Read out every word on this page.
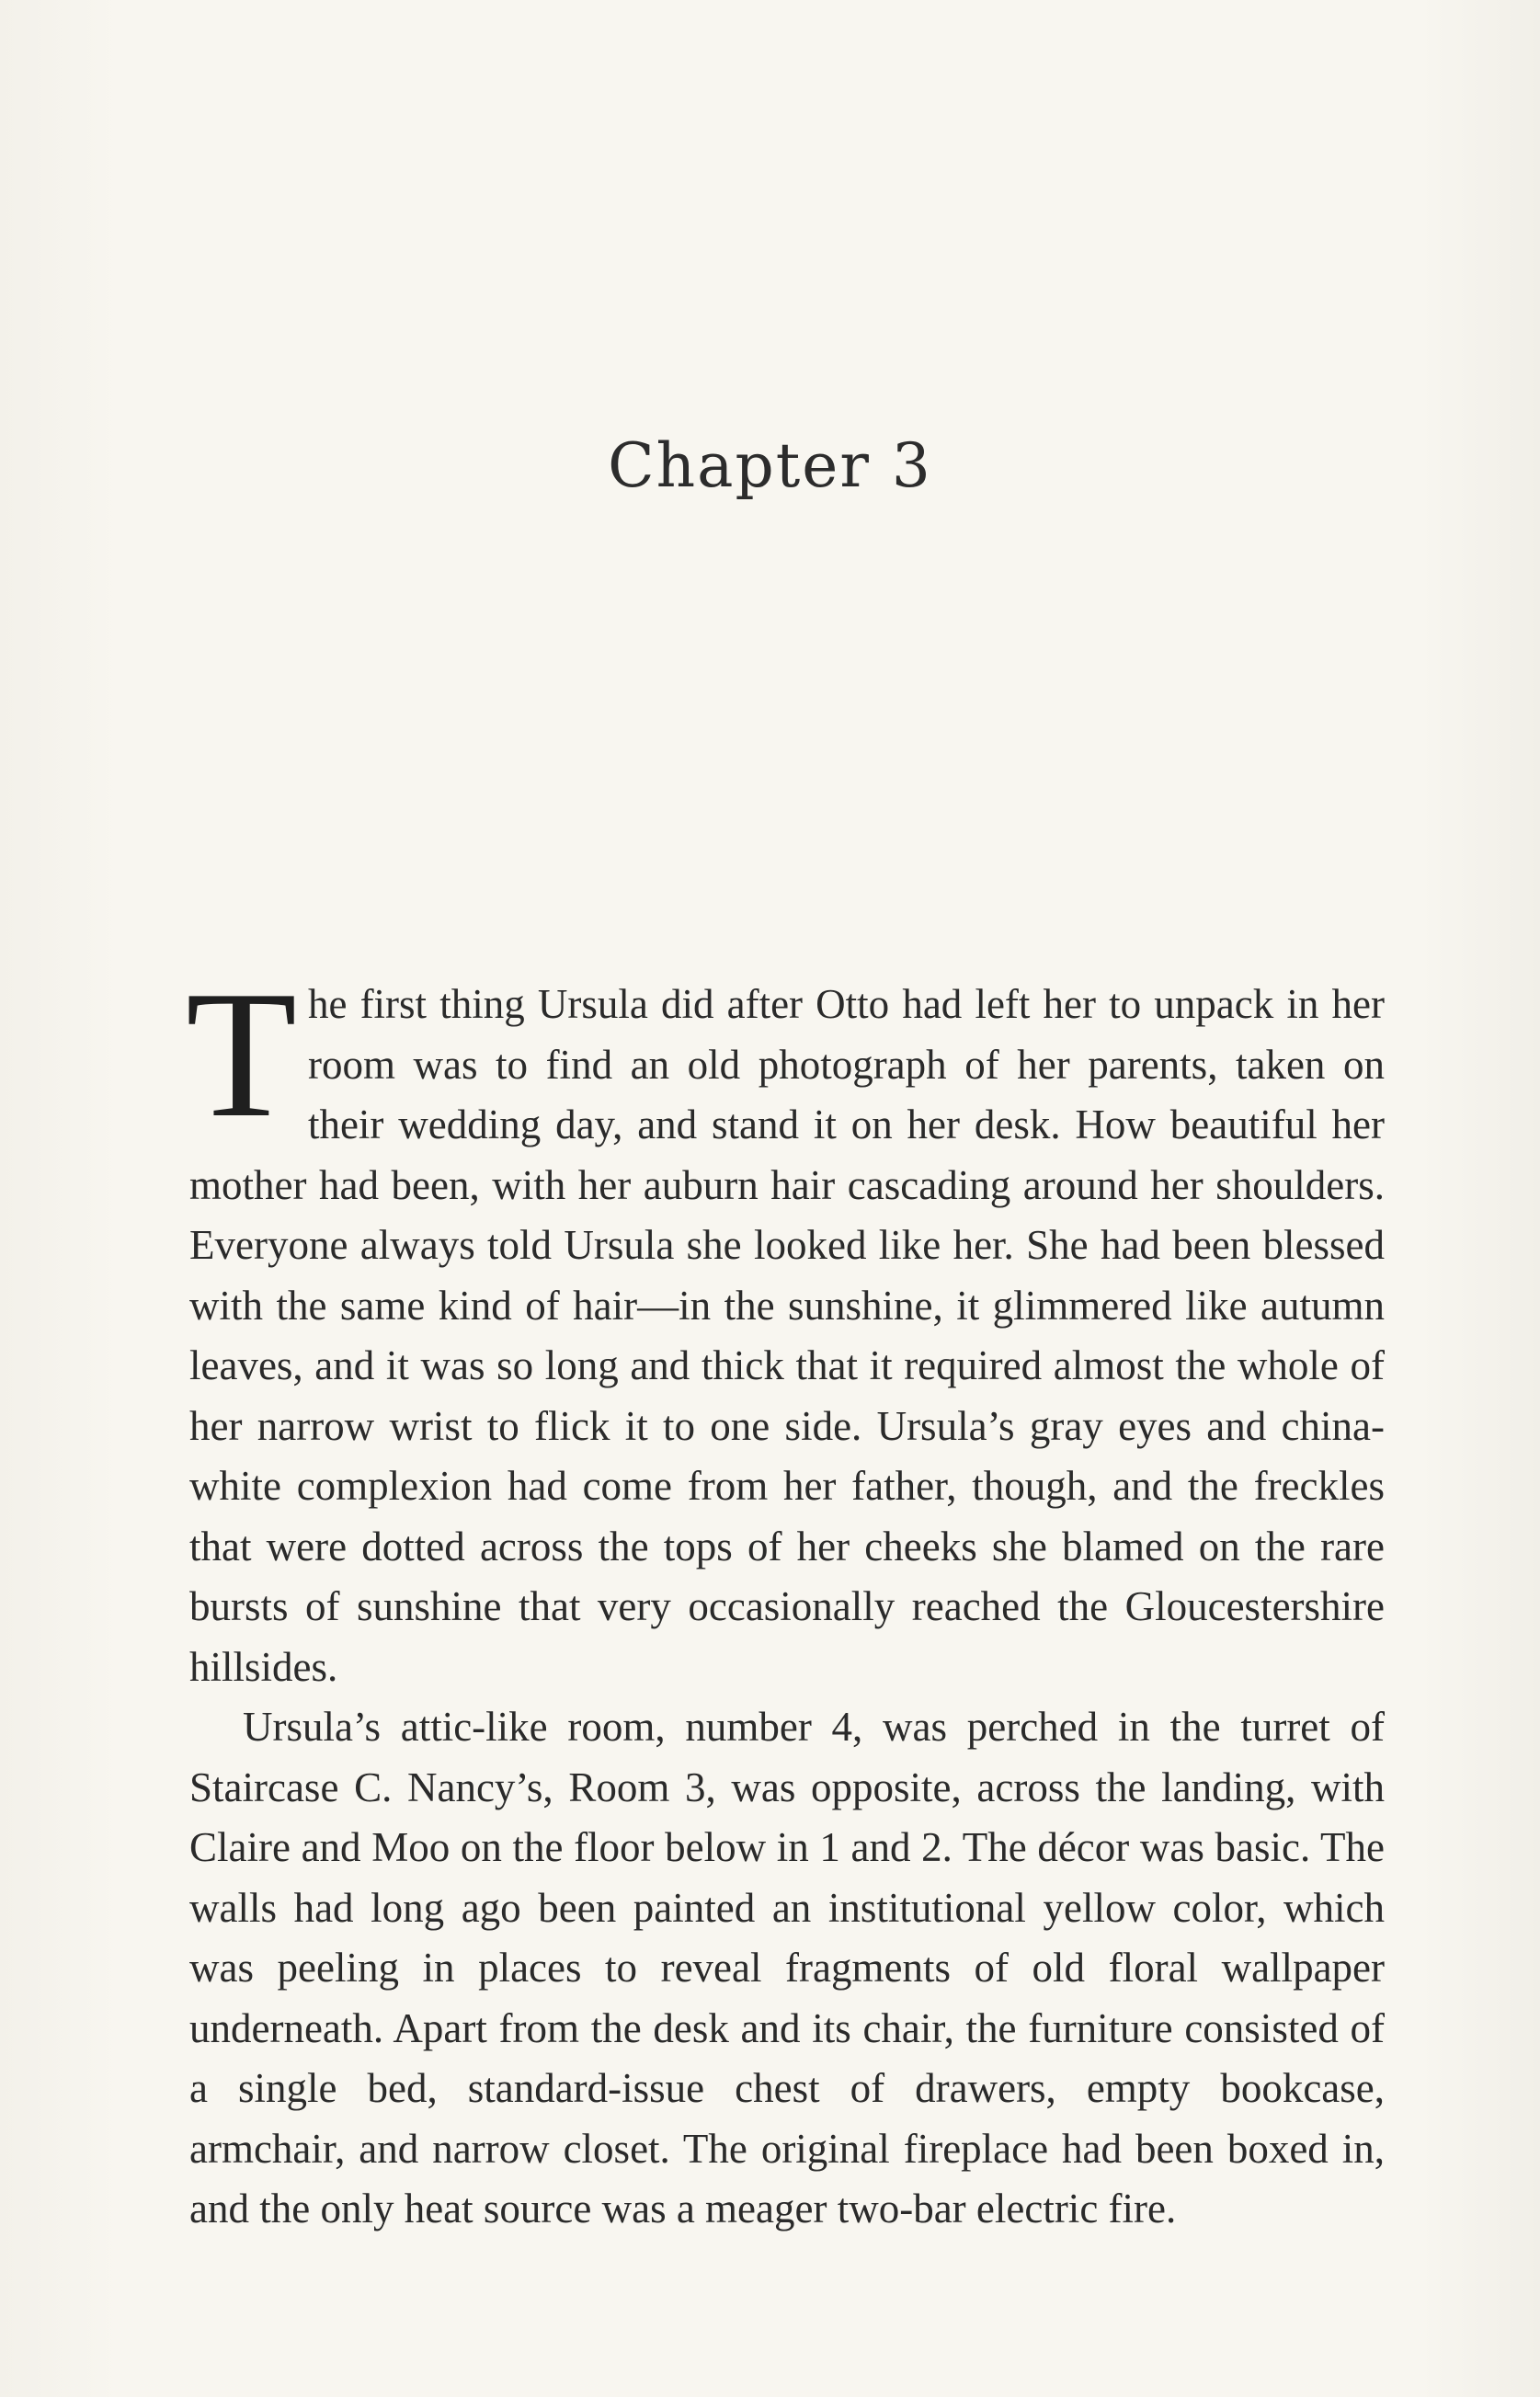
Chapter 3

The first thing Ursula did after Otto had left her to unpack in her room was to find an old photograph of her parents, taken on their wedding day, and stand it on her desk. How beautiful her mother had been, with her auburn hair cascading around her shoulders. Everyone always told Ursula she looked like her. She had been blessed with the same kind of hair—in the sunshine, it glimmered like autumn leaves, and it was so long and thick that it required almost the whole of her narrow wrist to flick it to one side. Ursula’s gray eyes and china-white complexion had come from her father, though, and the freckles that were dotted across the tops of her cheeks she blamed on the rare bursts of sunshine that very occasionally reached the Gloucestershire hillsides.

Ursula’s attic-like room, number 4, was perched in the turret of Staircase C. Nancy’s, Room 3, was opposite, across the landing, with Claire and Moo on the floor below in 1 and 2. The décor was basic. The walls had long ago been painted an institutional yellow color, which was peeling in places to reveal fragments of old floral wallpaper underneath. Apart from the desk and its chair, the furniture consisted of a single bed, standard-issue chest of drawers, empty bookcase, armchair, and narrow closet. The original fireplace had been boxed in, and the only heat source was a meager two-bar electric fire.
